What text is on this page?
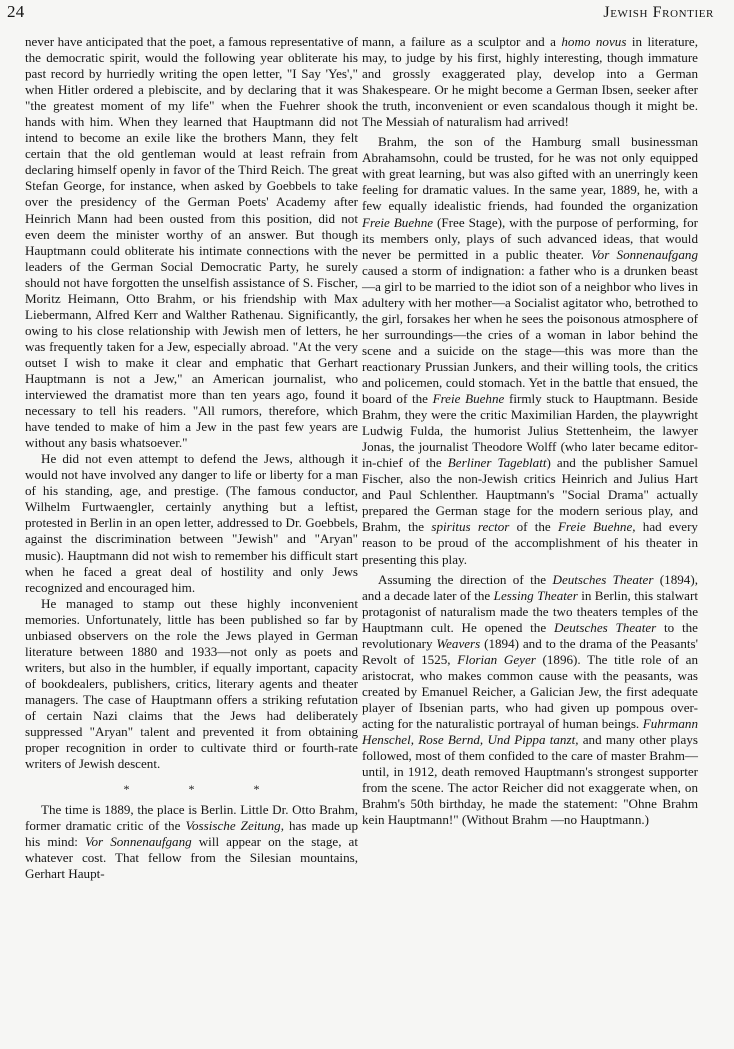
24	Jewish Frontier

never have anticipated that the poet, a famous representative of the democratic spirit, would the following year obliterate his past record by hurriedly writing the open letter, "I Say 'Yes'," when Hitler ordered a plebiscite, and by declaring that it was "the greatest moment of my life" when the Fuehrer shook hands with him. When they learned that Hauptmann did not intend to become an exile like the brothers Mann, they felt certain that the old gentleman would at least refrain from declaring himself openly in favor of the Third Reich. The great Stefan George, for instance, when asked by Goebbels to take over the presidency of the German Poets' Academy after Heinrich Mann had been ousted from this position, did not even deem the minister worthy of an answer. But though Hauptmann could obliterate his intimate connections with the leaders of the German Social Democratic Party, he surely should not have forgotten the unselfish assistance of S. Fischer, Moritz Heimann, Otto Brahm, or his friendship with Max Liebermann, Alfred Kerr and Walther Rathenau. Significantly, owing to his close relationship with Jewish men of letters, he was frequently taken for a Jew, especially abroad. "At the very outset I wish to make it clear and emphatic that Gerhart Hauptmann is not a Jew," an American journalist, who interviewed the dramatist more than ten years ago, found it necessary to tell his readers. "All rumors, therefore, which have tended to make of him a Jew in the past few years are without any basis whatsoever."

He did not even attempt to defend the Jews, although it would not have involved any danger to life or liberty for a man of his standing, age, and prestige. (The famous conductor, Wilhelm Furtwaengler, certainly anything but a leftist, protested in Berlin in an open letter, addressed to Dr. Goebbels, against the discrimination between "Jewish" and "Aryan" music). Hauptmann did not wish to remember his difficult start when he faced a great deal of hostility and only Jews recognized and encouraged him.

He managed to stamp out these highly inconvenient memories. Unfortunately, little has been published so far by unbiased observers on the role the Jews played in German literature between 1880 and 1933—not only as poets and writers, but also in the humbler, if equally important, capacity of bookdealers, publishers, critics, literary agents and theater managers. The case of Hauptmann offers a striking refutation of certain Nazi claims that the Jews had deliberately suppressed "Aryan" talent and prevented it from obtaining proper recognition in order to cultivate third or fourth-rate writers of Jewish descent.

* * *

The time is 1889, the place is Berlin. Little Dr. Otto Brahm, former dramatic critic of the Vossische Zeitung, has made up his mind: Vor Sonnenaufgang will appear on the stage, at whatever cost. That fellow from the Silesian mountains, Gerhart Haupt-

mann, a failure as a sculptor and a homo novus in literature, may, to judge by his first, highly interesting, though immature and grossly exaggerated play, develop into a German Shakespeare. Or he might become a German Ibsen, seeker after the truth, inconvenient or even scandalous though it might be. The Messiah of naturalism had arrived!

Brahm, the son of the Hamburg small businessman Abrahamsohn, could be trusted, for he was not only equipped with great learning, but was also gifted with an unerringly keen feeling for dramatic values. In the same year, 1889, he, with a few equally idealistic friends, had founded the organization Freie Buehne (Free Stage), with the purpose of performing, for its members only, plays of such advanced ideas, that would never be permitted in a public theater. Vor Sonnenaufgang caused a storm of indignation: a father who is a drunken beast—a girl to be married to the idiot son of a neighbor who lives in adultery with her mother—a Socialist agitator who, betrothed to the girl, forsakes her when he sees the poisonous atmosphere of her surroundings—the cries of a woman in labor behind the scene and a suicide on the stage—this was more than the reactionary Prussian Junkers, and their willing tools, the critics and policemen, could stomach. Yet in the battle that ensued, the board of the Freie Buehne firmly stuck to Hauptmann. Beside Brahm, they were the critic Maximilian Harden, the playwright Ludwig Fulda, the humorist Julius Stettenheim, the lawyer Jonas, the journalist Theodore Wolff (who later became editor-in-chief of the Berliner Tageblatt) and the publisher Samuel Fischer, also the non-Jewish critics Heinrich and Julius Hart and Paul Schlenther. Hauptmann's "Social Drama" actually prepared the German stage for the modern serious play, and Brahm, the spiritus rector of the Freie Buehne, had every reason to be proud of the accomplishment of his theater in presenting this play.

Assuming the direction of the Deutsches Theater (1894), and a decade later of the Lessing Theater in Berlin, this stalwart protagonist of naturalism made the two theaters temples of the Hauptmann cult. He opened the Deutsches Theater to the revolutionary Weavers (1894) and to the drama of the Peasants' Revolt of 1525, Florian Geyer (1896). The title role of an aristocrat, who makes common cause with the peasants, was created by Emanuel Reicher, a Galician Jew, the first adequate player of Ibsenian parts, who had given up pompous over-acting for the naturalistic portrayal of human beings. Fuhrmann Henschel, Rose Bernd, Und Pippa tanzt, and many other plays followed, most of them confided to the care of master Brahm—until, in 1912, death removed Hauptmann's strongest supporter from the scene. The actor Reicher did not exaggerate when, on Brahm's 50th birthday, he made the statement: "Ohne Brahm kein Hauptmann!" (Without Brahm —no Hauptmann.)
